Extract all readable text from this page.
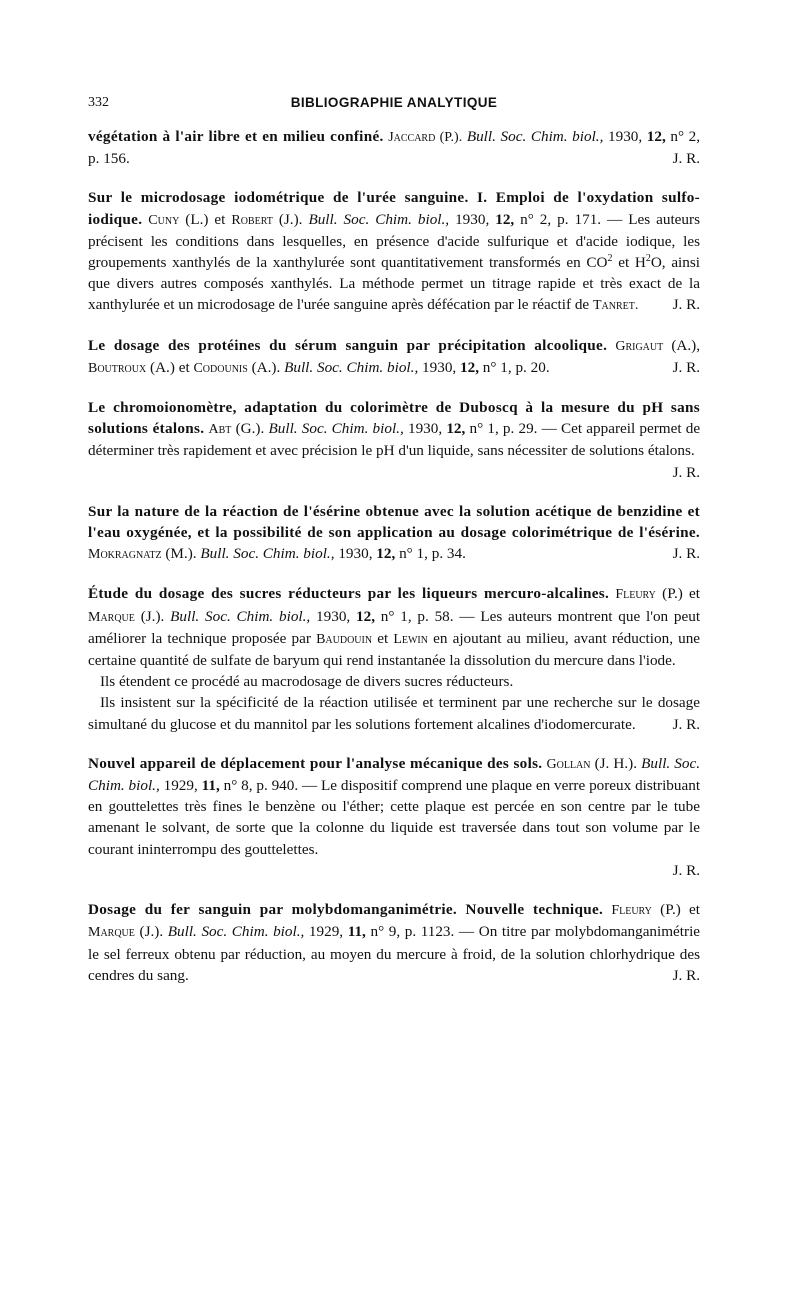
332	BIBLIOGRAPHIE ANALYTIQUE

végétation à l'air libre et en milieu confiné. Jaccard (P.). Bull. Soc. Chim. biol., 1930, 12, n° 2, p. 156.	J. R.

Sur le microdosage iodométrique de l'urée sanguine. I. Emploi de l'oxydation sulfo-iodique. Cuny (L.) et Robert (J.). Bull. Soc. Chim. biol., 1930, 12, n° 2, p. 171. — Les auteurs précisent les conditions dans lesquelles, en présence d'acide sulfurique et d'acide iodique, les groupements xanthylés de la xanthylurée sont quantitativement transformés en $CO^2$ et $H^2O$, ainsi que divers autres composés xanthylés. La méthode permet un titrage rapide et très exact de la xanthylurée et un microdosage de l'urée sanguine après défécation par le réactif de Tanret. J. R.

Le dosage des protéines du sérum sanguin par précipitation alcoolique. Grigaut (A.), Boutroux (A.) et Codounis (A.). Bull. Soc. Chim. biol., 1930, 12, n° 1, p. 20.	J. R.

Le chromoionomètre, adaptation du colorimètre de Duboscq à la mesure du pH sans solutions étalons. Abt (G.). Bull. Soc. Chim. biol., 1930, 12, n° 1, p. 29. — Cet appareil permet de déterminer très rapidement et avec précision le pH d'un liquide, sans nécessiter de solutions étalons.

J. R.

Sur la nature de la réaction de l'ésérine obtenue avec la solution acétique de benzidine et l'eau oxygénée, et la possibilité de son application au dosage colorimétrique de l'ésérine. Mokragnatz (M.). Bull. Soc. Chim. biol., 1930, 12, n° 1, p. 34.	J. R.

Étude du dosage des sucres réducteurs par les liqueurs mercuro-alcalines. Fleury (P.) et Marque (J.). Bull. Soc. Chim. biol., 1930, 12, n° 1, p. 58. — Les auteurs montrent que l'on peut améliorer la technique proposée par Baudouin et Lewin en ajoutant au milieu, avant réduction, une certaine quantité de sulfate de baryum qui rend instantanée la dissolution du mercure dans l'iode.

Ils étendent ce procédé au macrodosage de divers sucres réducteurs.

Ils insistent sur la spécificité de la réaction utilisée et terminent par une recherche sur le dosage simultané du glucose et du mannitol par les solutions fortement alcalines d'iodomercurate.	J. R.

Nouvel appareil de déplacement pour l'analyse mécanique des sols. Gollan (J. H.). Bull. Soc. Chim. biol., 1929, 11, n° 8, p. 940. — Le dispositif comprend une plaque en verre poreux distribuant en gouttelettes très fines le benzène ou l'éther; cette plaque est percée en son centre par le tube amenant le solvant, de sorte que la colonne du liquide est traversée dans tout son volume par le courant ininterrompu des gouttelettes.

J. R.

Dosage du fer sanguin par molybdomanganimétrie. Nouvelle technique. Fleury (P.) et Marque (J.). Bull. Soc. Chim. biol., 1929, 11, n° 9, p. 1123. — On titre par molybdomanganimétrie le sel ferreux obtenu par réduction, au moyen du mercure à froid, de la solution chlorhydrique des cendres du sang.	J. R.
